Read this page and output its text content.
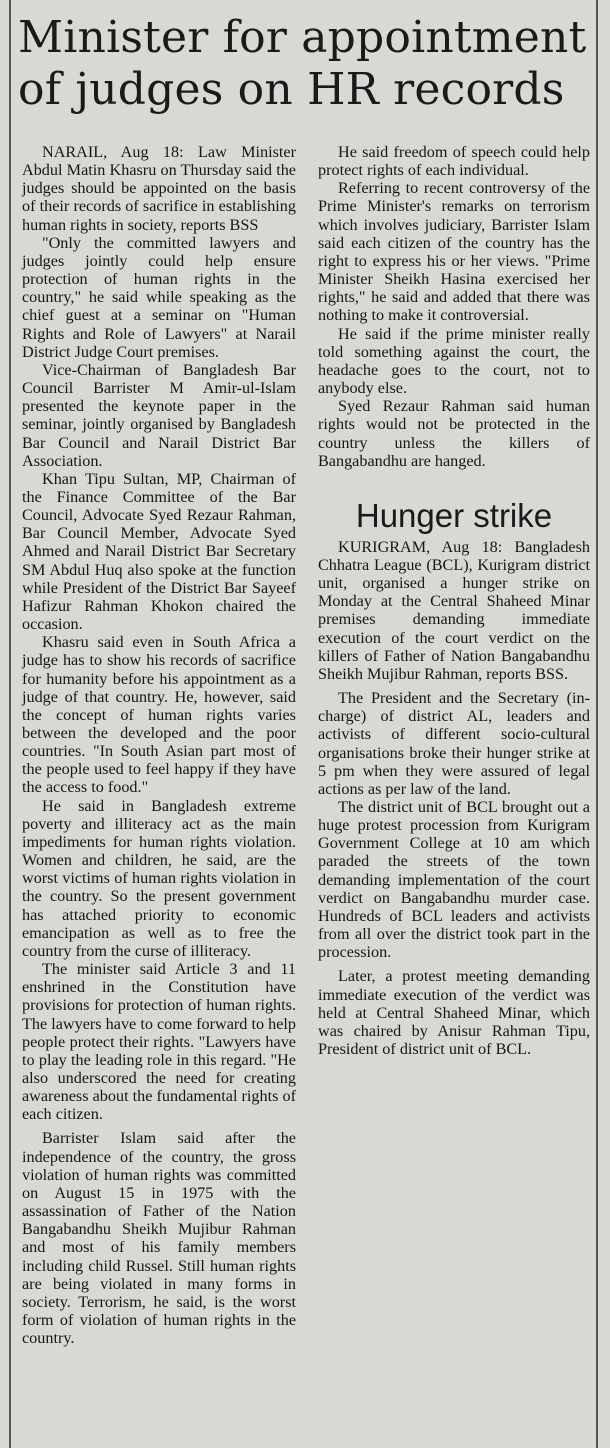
Minister for appointment of judges on HR records

NARAIL, Aug 18: Law Minister Abdul Matin Khasru on Thursday said the judges should be appointed on the basis of their records of sacrifice in establishing human rights in society, reports BSS

"Only the committed lawyers and judges jointly could help ensure protection of human rights in the country," he said while speaking as the chief guest at a seminar on "Human Rights and Role of Lawyers" at Narail District Judge Court premises.

Vice-Chairman of Bangladesh Bar Council Barrister M Amir-ul-Islam presented the keynote paper in the seminar, jointly organised by Bangladesh Bar Council and Narail District Bar Association.

Khan Tipu Sultan, MP, Chairman of the Finance Committee of the Bar Council, Advocate Syed Rezaur Rahman, Bar Council Member, Advocate Syed Ahmed and Narail District Bar Secretary SM Abdul Huq also spoke at the function while President of the District Bar Sayeef Hafizur Rahman Khokon chaired the occasion.

Khasru said even in South Africa a judge has to show his records of sacrifice for humanity before his appointment as a judge of that country. He, however, said the concept of human rights varies between the developed and the poor countries. "In South Asian part most of the people used to feel happy if they have the access to food."

He said in Bangladesh extreme poverty and illiteracy act as the main impediments for human rights violation. Women and children, he said, are the worst victims of human rights violation in the country. So the present government has attached priority to economic emancipation as well as to free the country from the curse of illiteracy.

The minister said Article 3 and 11 enshrined in the Constitution have provisions for protection of human rights. The lawyers have to come forward to help people protect their rights. "Lawyers have to play the leading role in this regard. "He also underscored the need for creating awareness about the fundamental rights of each citizen.

Barrister Islam said after the independence of the country, the gross violation of human rights was committed on August 15 in 1975 with the assassination of Father of the Nation Bangabandhu Sheikh Mujibur Rahman and most of his family members including child Russel. Still human rights are being violated in many forms in society. Terrorism, he said, is the worst form of violation of human rights in the country.

He said freedom of speech could help protect rights of each individual.

Referring to recent controversy of the Prime Minister's remarks on terrorism which involves judiciary, Barrister Islam said each citizen of the country has the right to express his or her views. "Prime Minister Sheikh Hasina exercised her rights," he said and added that there was nothing to make it controversial.

He said if the prime minister really told something against the court, the headache goes to the court, not to anybody else.

Syed Rezaur Rahman said human rights would not be protected in the country unless the killers of Bangabandhu are hanged.

Hunger strike

KURIGRAM, Aug 18: Bangladesh Chhatra League (BCL), Kurigram district unit, organised a hunger strike on Monday at the Central Shaheed Minar premises demanding immediate execution of the court verdict on the killers of Father of Nation Bangabandhu Sheikh Mujibur Rahman, reports BSS.

The President and the Secretary (in-charge) of district AL, leaders and activists of different socio-cultural organisations broke their hunger strike at 5 pm when they were assured of legal actions as per law of the land.

The district unit of BCL brought out a huge protest procession from Kurigram Government College at 10 am which paraded the streets of the town demanding implementation of the court verdict on Bangabandhu murder case. Hundreds of BCL leaders and activists from all over the district took part in the procession.

Later, a protest meeting demanding immediate execution of the verdict was held at Central Shaheed Minar, which was chaired by Anisur Rahman Tipu, President of district unit of BCL.
